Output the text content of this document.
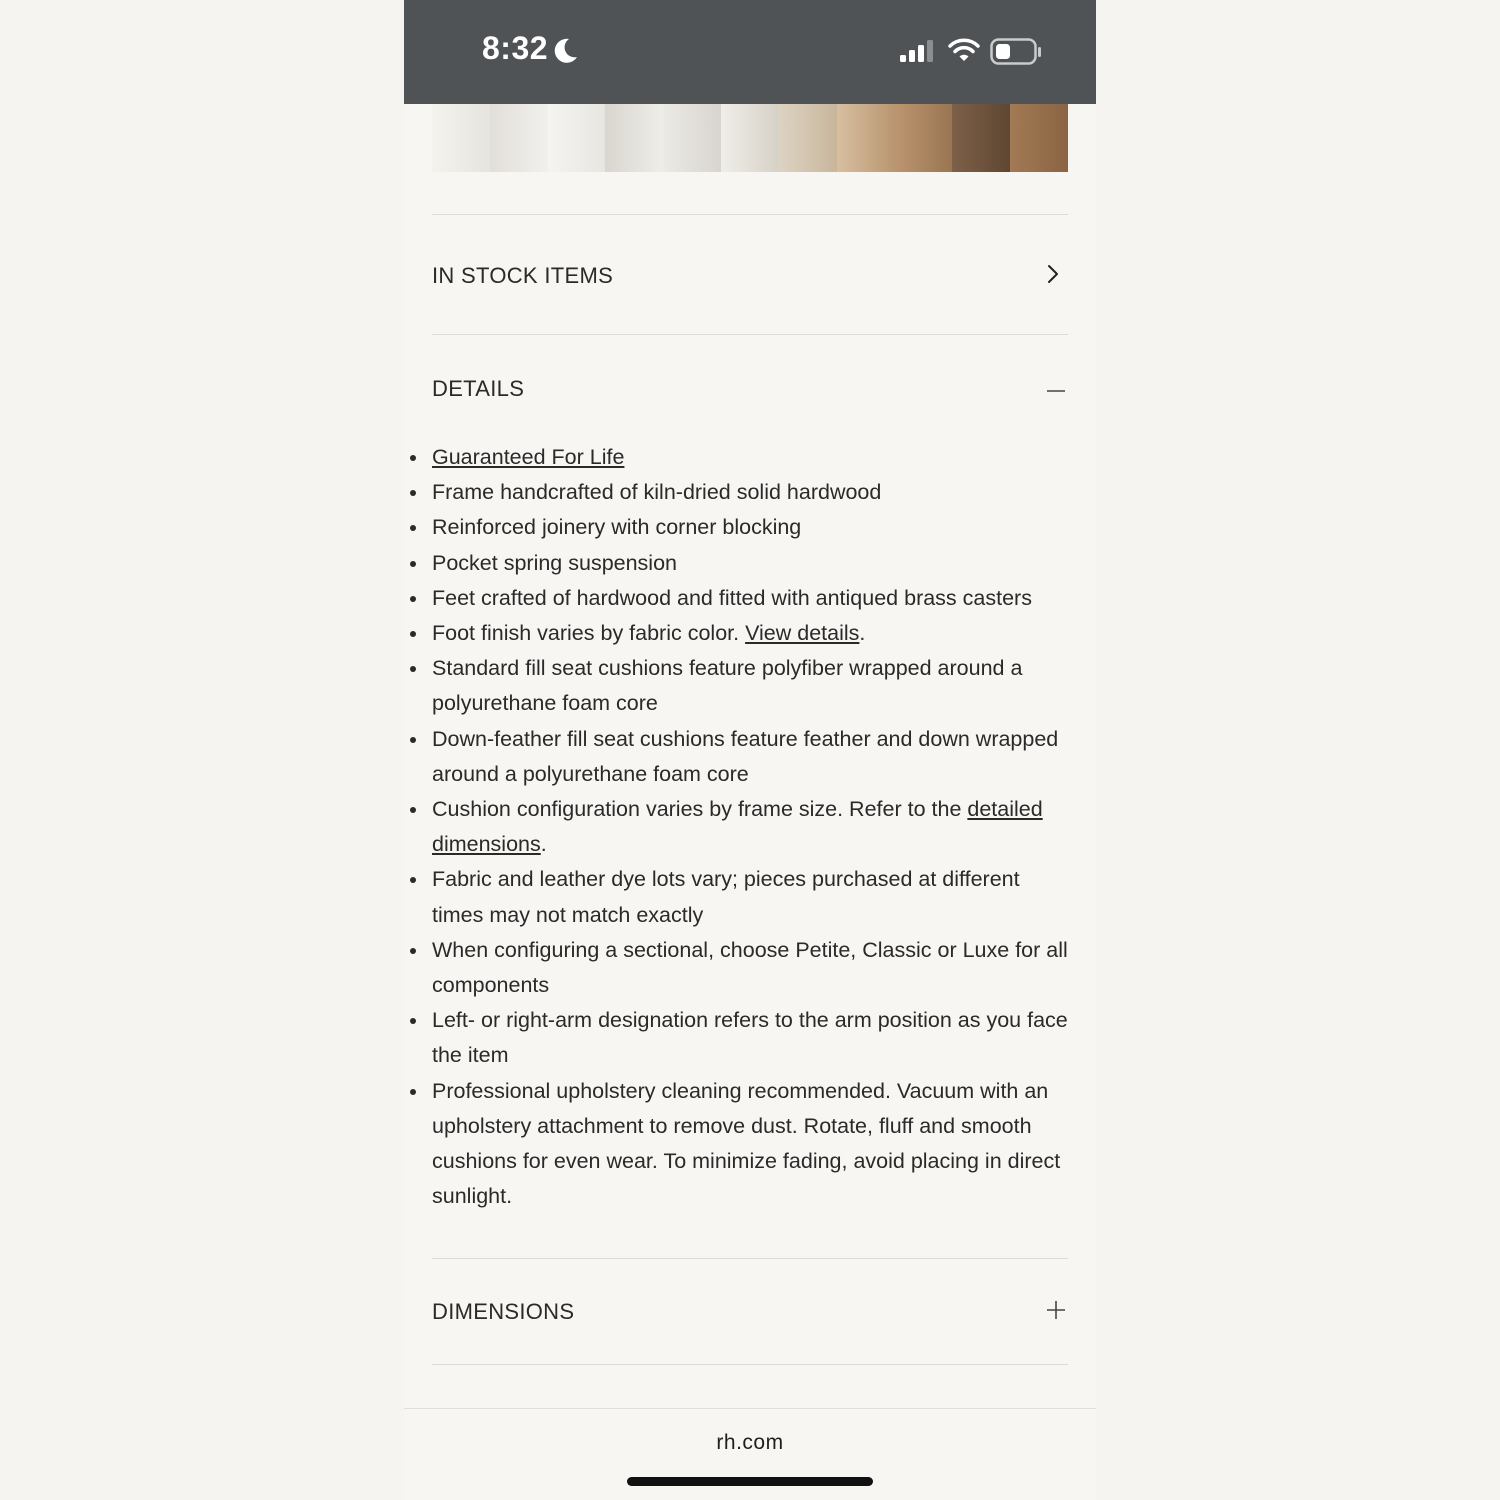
8:32
IN STOCK ITEMS
DETAILS
Guaranteed For Life
Frame handcrafted of kiln-dried solid hardwood
Reinforced joinery with corner blocking
Pocket spring suspension
Feet crafted of hardwood and fitted with antiqued brass casters
Foot finish varies by fabric color. View details.
Standard fill seat cushions feature polyfiber wrapped around a polyurethane foam core
Down-feather fill seat cushions feature feather and down wrapped around a polyurethane foam core
Cushion configuration varies by frame size. Refer to the detailed dimensions.
Fabric and leather dye lots vary; pieces purchased at different times may not match exactly
When configuring a sectional, choose Petite, Classic or Luxe for all components
Left- or right-arm designation refers to the arm position as you face the item
Professional upholstery cleaning recommended. Vacuum with an upholstery attachment to remove dust. Rotate, fluff and smooth cushions for even wear. To minimize fading, avoid placing in direct sunlight.
DIMENSIONS
rh.com
